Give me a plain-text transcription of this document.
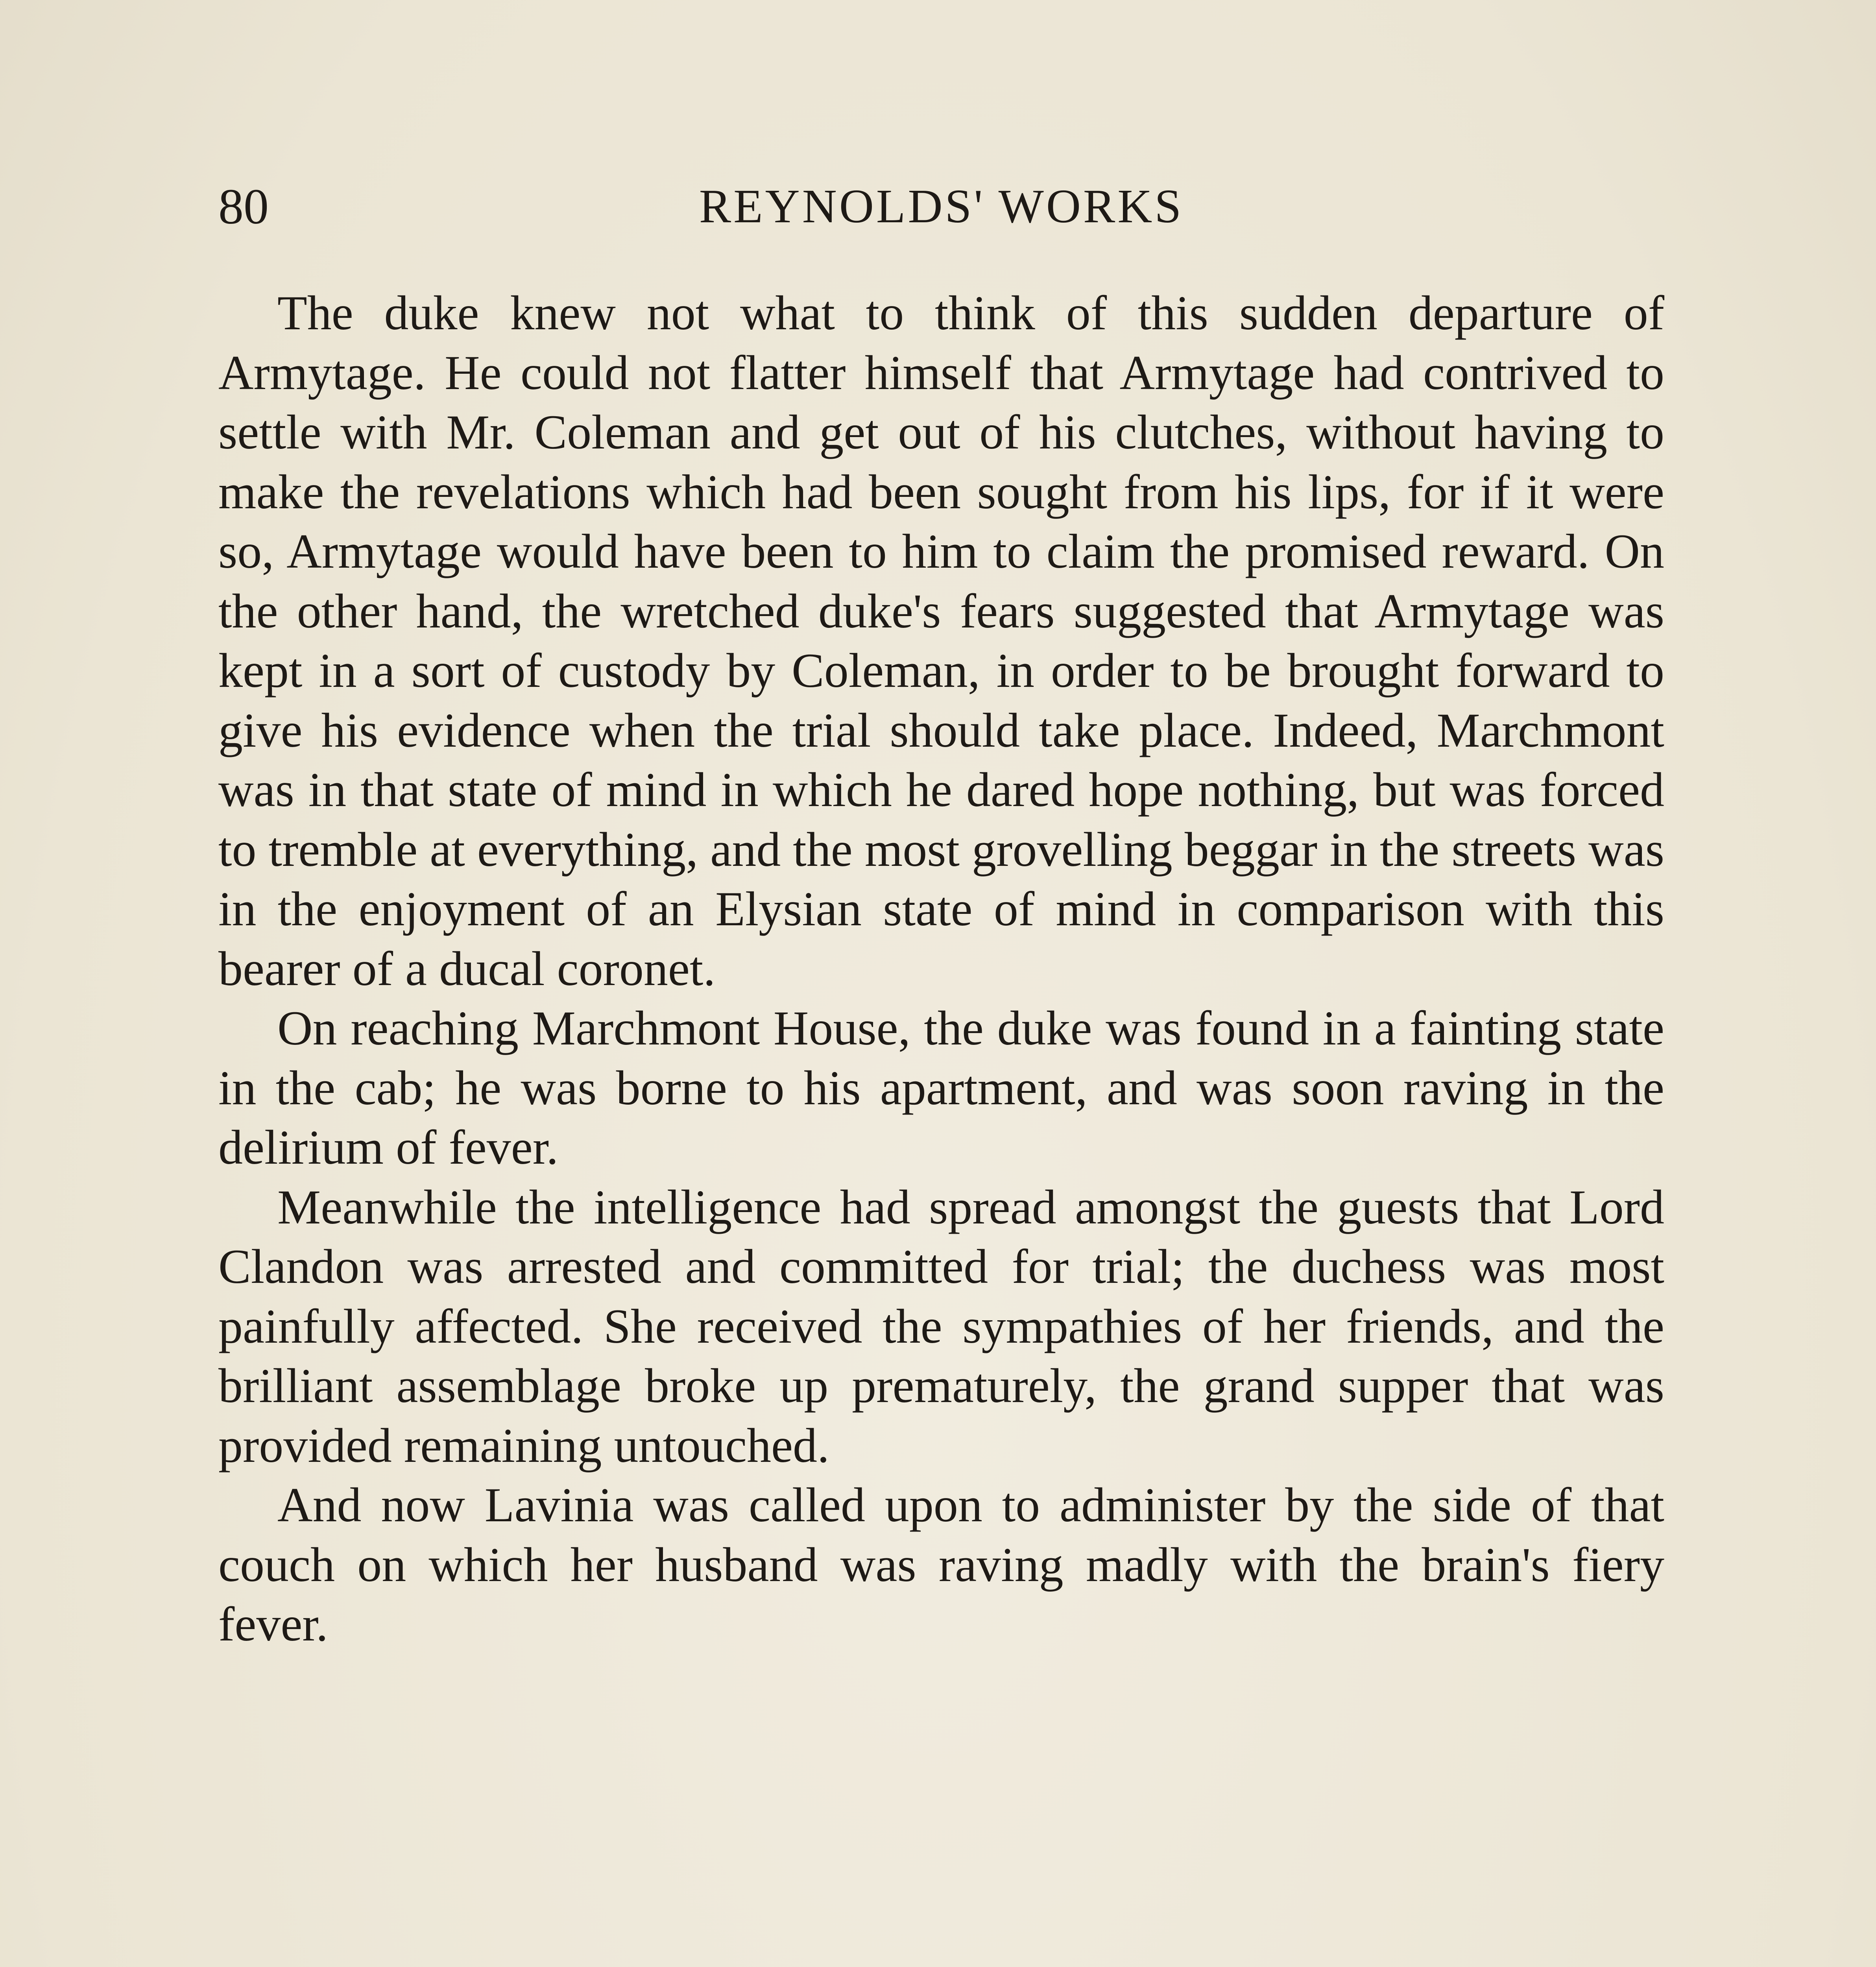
80	REYNOLDS' WORKS

The duke knew not what to think of this sudden departure of Armytage. He could not flatter himself that Armytage had contrived to settle with Mr. Coleman and get out of his clutches, without having to make the revelations which had been sought from his lips, for if it were so, Armytage would have been to him to claim the promised reward. On the other hand, the wretched duke's fears suggested that Armytage was kept in a sort of custody by Coleman, in order to be brought forward to give his evidence when the trial should take place. Indeed, Marchmont was in that state of mind in which he dared hope nothing, but was forced to tremble at everything, and the most grovelling beggar in the streets was in the enjoyment of an Elysian state of mind in comparison with this bearer of a ducal coronet.

On reaching Marchmont House, the duke was found in a fainting state in the cab; he was borne to his apartment, and was soon raving in the delirium of fever.

Meanwhile the intelligence had spread amongst the guests that Lord Clandon was arrested and committed for trial; the duchess was most painfully affected. She received the sympathies of her friends, and the brilliant assemblage broke up prematurely, the grand supper that was provided remaining untouched.

And now Lavinia was called upon to administer by the side of that couch on which her husband was raving madly with the brain's fiery fever.
